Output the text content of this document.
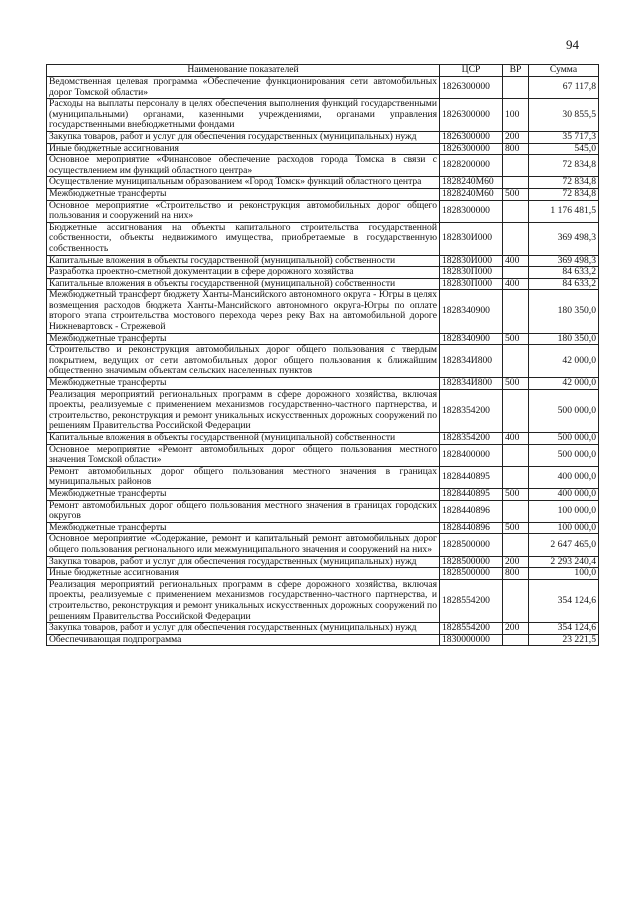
94
Наименование показателей	ЦСР	ВР	Сумма
Ведомственная целевая программа «Обеспечение функционирования сети автомобильных дорог Томской области»	1826300000		67 117,8
Расходы на выплаты персоналу в целях обеспечения выполнения функций государственными (муниципальными) органами, казенными учреждениями, органами управления государственными внебюджетными фондами	1826300000	100	30 855,5
Закупка товаров, работ и услуг для обеспечения государственных (муниципальных) нужд	1826300000	200	35 717,3
Иные бюджетные ассигнования	1826300000	800	545,0
Основное мероприятие «Финансовое обеспечение расходов города Томска в связи с осуществлением им функций областного центра»	1828200000		72 834,8
Осуществление муниципальным образованием «Город Томск» функций областного центра	1828240М60		72 834,8
Межбюджетные трансферты	1828240М60	500	72 834,8
Основное мероприятие «Строительство и реконструкция автомобильных дорог общего пользования и сооружений на них»	1828300000		1 176 481,5
Бюджетные ассигнования на объекты капитального строительства государственной собственности, объекты недвижимого имущества, приобретаемые в государственную собственность	182830И000		369 498,3
Капитальные вложения в объекты государственной (муниципальной) собственности	182830И000	400	369 498,3
Разработка проектно-сметной документации в сфере дорожного хозяйства	182830П000		84 633,2
Капитальные вложения в объекты государственной (муниципальной) собственности	182830П000	400	84 633,2
Межбюджетный трансферт бюджету Ханты-Мансийского автономного округа - Югры в целях возмещения расходов бюджета Ханты-Мансийского автономного округа-Югры по оплате второго этапа строительства мостового перехода через реку Вах на автомобильной дороге Нижневартовск - Стрежевой	1828340900		180 350,0
Межбюджетные трансферты	1828340900	500	180 350,0
Строительство и реконструкция автомобильных дорог общего пользования с твердым покрытием, ведущих от сети автомобильных дорог общего пользования к ближайшим общественно значимым объектам сельских населенных пунктов	182834И800		42 000,0
Межбюджетные трансферты	182834И800	500	42 000,0
Реализация мероприятий региональных программ в сфере дорожного хозяйства, включая проекты, реализуемые с применением механизмов государственно-частного партнерства, и строительство, реконструкция и ремонт уникальных искусственных дорожных сооружений по решениям Правительства Российской Федерации	1828354200		500 000,0
Капитальные вложения в объекты государственной (муниципальной) собственности	1828354200	400	500 000,0
Основное мероприятие «Ремонт автомобильных дорог общего пользования местного значения Томской области»	1828400000		500 000,0
Ремонт автомобильных дорог общего пользования местного значения в границах муниципальных районов	1828440895		400 000,0
Межбюджетные трансферты	1828440895	500	400 000,0
Ремонт автомобильных дорог общего пользования местного значения в границах городских округов	1828440896		100 000,0
Межбюджетные трансферты	1828440896	500	100 000,0
Основное мероприятие «Содержание, ремонт и капитальный ремонт автомобильных дорог общего пользования регионального или межмуниципального значения и сооружений на них»	1828500000		2 647 465,0
Закупка товаров, работ и услуг для обеспечения государственных (муниципальных) нужд	1828500000	200	2 293 240,4
Иные бюджетные ассигнования	1828500000	800	100,0
Реализация мероприятий региональных программ в сфере дорожного хозяйства, включая проекты, реализуемые с применением механизмов государственно-частного партнерства, и строительство, реконструкция и ремонт уникальных искусственных дорожных сооружений по решениям Правительства Российской Федерации	1828554200		354 124,6
Закупка товаров, работ и услуг для обеспечения государственных (муниципальных) нужд	1828554200	200	354 124,6
Обеспечивающая подпрограмма	1830000000		23 221,5
